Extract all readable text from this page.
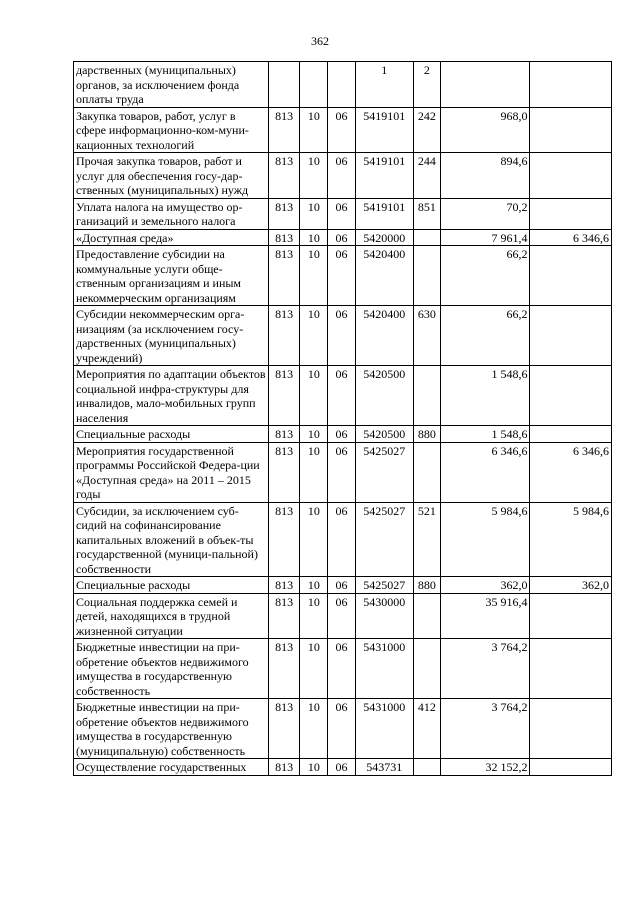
362
дарственных (муниципальных) органов, за исключением фонда оплаты труда				1	2		
Закупка товаров, работ, услуг в сфере информационно-ком-муни-кационных технологий	813	10	06	5419101	242	968,0	
Прочая закупка товаров, работ и услуг для обеспечения госу-дар-ственных (муниципальных) нужд	813	10	06	5419101	244	894,6	
Уплата налога на имущество ор-ганизаций и земельного налога	813	10	06	5419101	851	70,2	
«Доступная среда»	813	10	06	5420000		7 961,4	6 346,6
Предоставление субсидии на коммунальные услуги обще-ственным организациям и иным некоммерческим организациям	813	10	06	5420400		66,2	
Субсидии некоммерческим орга-низациям (за исключением госу-дарственных (муниципальных) учреждений)	813	10	06	5420400	630	66,2	
Мероприятия по адаптации объектов социальной инфра-структуры для инвалидов, мало-мобильных групп населения	813	10	06	5420500		1 548,6	
Специальные расходы	813	10	06	5420500	880	1 548,6	
Мероприятия государственной программы Российской Федера-ции «Доступная среда» на 2011 – 2015 годы	813	10	06	5425027		6 346,6	6 346,6
Субсидии, за исключением суб-сидий на софинансирование капитальных вложений в объек-ты государственной (муници-пальной) собственности	813	10	06	5425027	521	5 984,6	5 984,6
Специальные расходы	813	10	06	5425027	880	362,0	362,0
Социальная поддержка семей и детей, находящихся в трудной жизненной ситуации	813	10	06	5430000		35 916,4	
Бюджетные инвестиции на при-обретение объектов недвижимого имущества в государственную собственность	813	10	06	5431000		3 764,2	
Бюджетные инвестиции на при-обретение объектов недвижимого имущества в государственную (муниципальную) собственность	813	10	06	5431000	412	3 764,2	
Осуществление государственных	813	10	06	543731		32 152,2	
